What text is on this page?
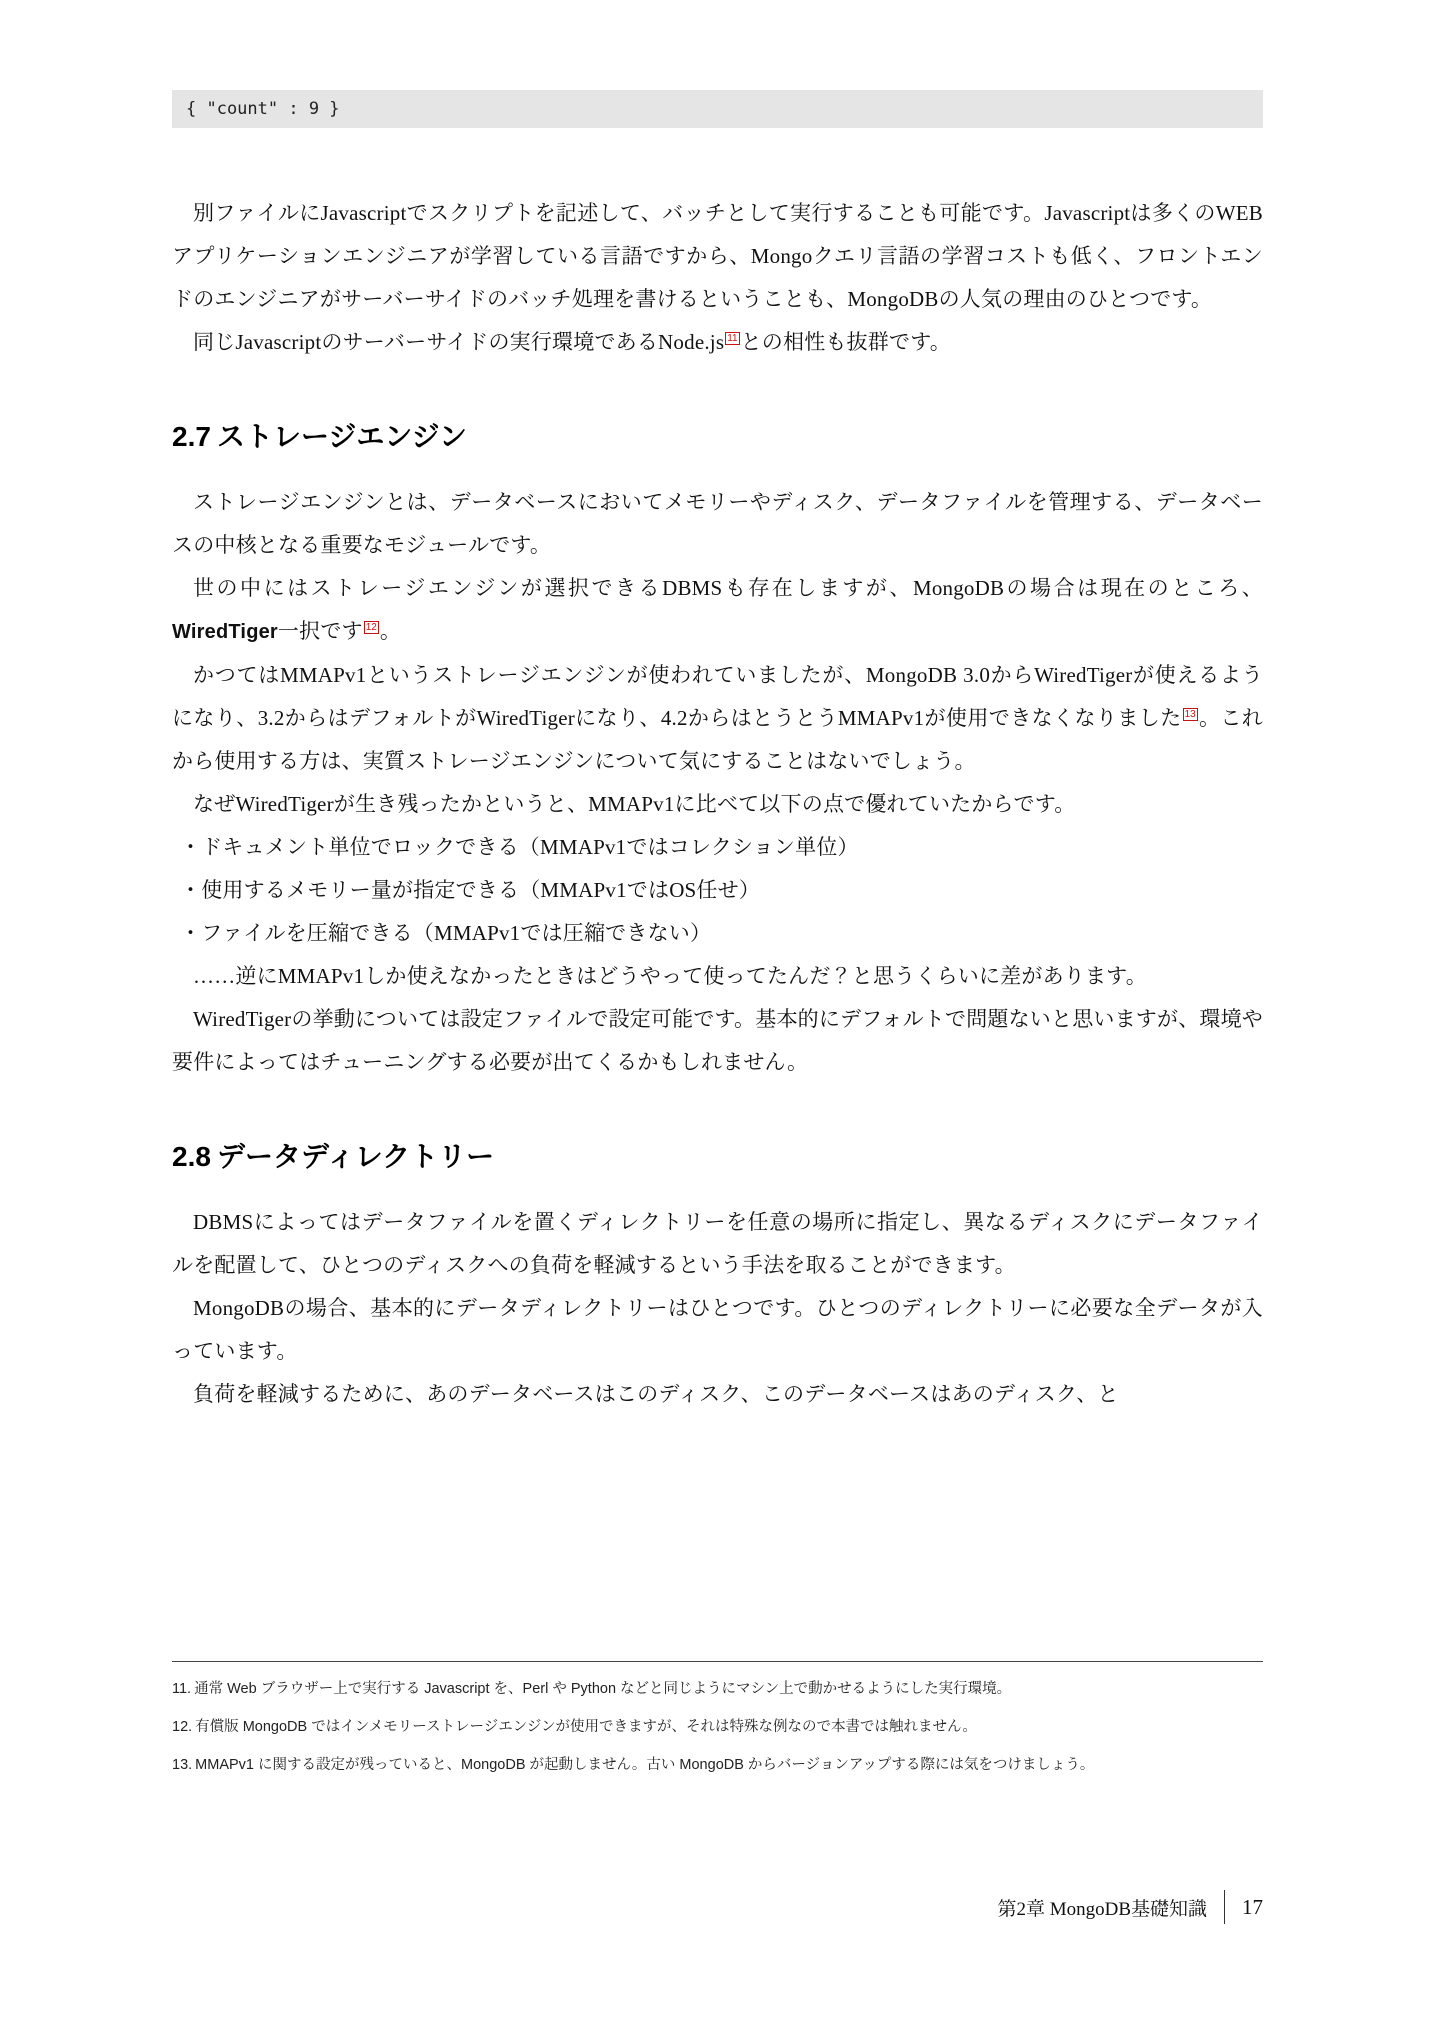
{ "count" : 9 }

別ファイルにJavascriptでスクリプトを記述して、バッチとして実行することも可能です。Javascriptは多くのWEBアプリケーションエンジニアが学習している言語ですから、Mongoクエリ言語の学習コストも低く、フロントエンドのエンジニアがサーバーサイドのバッチ処理を書けるということも、MongoDBの人気の理由のひとつです。

同じJavascriptのサーバーサイドの実行環境であるNode.js 11 との相性も抜群です。

2.7 ストレージエンジン

ストレージエンジンとは、データベースにおいてメモリーやディスク、データファイルを管理する、データベースの中核となる重要なモジュールです。

世の中にはストレージエンジンが選択できるDBMSも存在しますが、MongoDBの場合は現在のところ、WiredTiger一択です 12 。

かつてはMMAPv1というストレージエンジンが使われていましたが、MongoDB 3.0からWiredTigerが使えるようになり、3.2からはデフォルトがWiredTigerになり、4.2からはとうとうMMAPv1が使用できなくなりました 13 。これから使用する方は、実質ストレージエンジンについて気にすることはないでしょう。

なぜWiredTigerが生き残ったかというと、MMAPv1に比べて以下の点で優れていたからです。

・ドキュメント単位でロックできる（MMAPv1ではコレクション単位）

・使用するメモリー量が指定できる（MMAPv1ではOS任せ）

・ファイルを圧縮できる（MMAPv1では圧縮できない）

……逆にMMAPv1しか使えなかったときはどうやって使ってたんだ？と思うくらいに差があります。

WiredTigerの挙動については設定ファイルで設定可能です。基本的にデフォルトで問題ないと思いますが、環境や要件によってはチューニングする必要が出てくるかもしれません。

2.8 データディレクトリー

DBMSによってはデータファイルを置くディレクトリーを任意の場所に指定し、異なるディスクにデータファイルを配置して、ひとつのディスクへの負荷を軽減するという手法を取ることができます。

MongoDBの場合、基本的にデータディレクトリーはひとつです。ひとつのディレクトリーに必要な全データが入っています。

負荷を軽減するために、あのデータベースはこのディスク、このデータベースはあのディスク、と

11. 通常 Web ブラウザー上で実行する Javascript を、Perl や Python などと同じようにマシン上で動かせるようにした実行環境。
12. 有償版 MongoDB ではインメモリーストレージエンジンが使用できますが、それは特殊な例なので本書では触れません。
13. MMAPv1 に関する設定が残っていると、MongoDB が起動しません。古い MongoDB からバージョンアップする際には気をつけましょう。
第2章 MongoDB基礎知識 17
